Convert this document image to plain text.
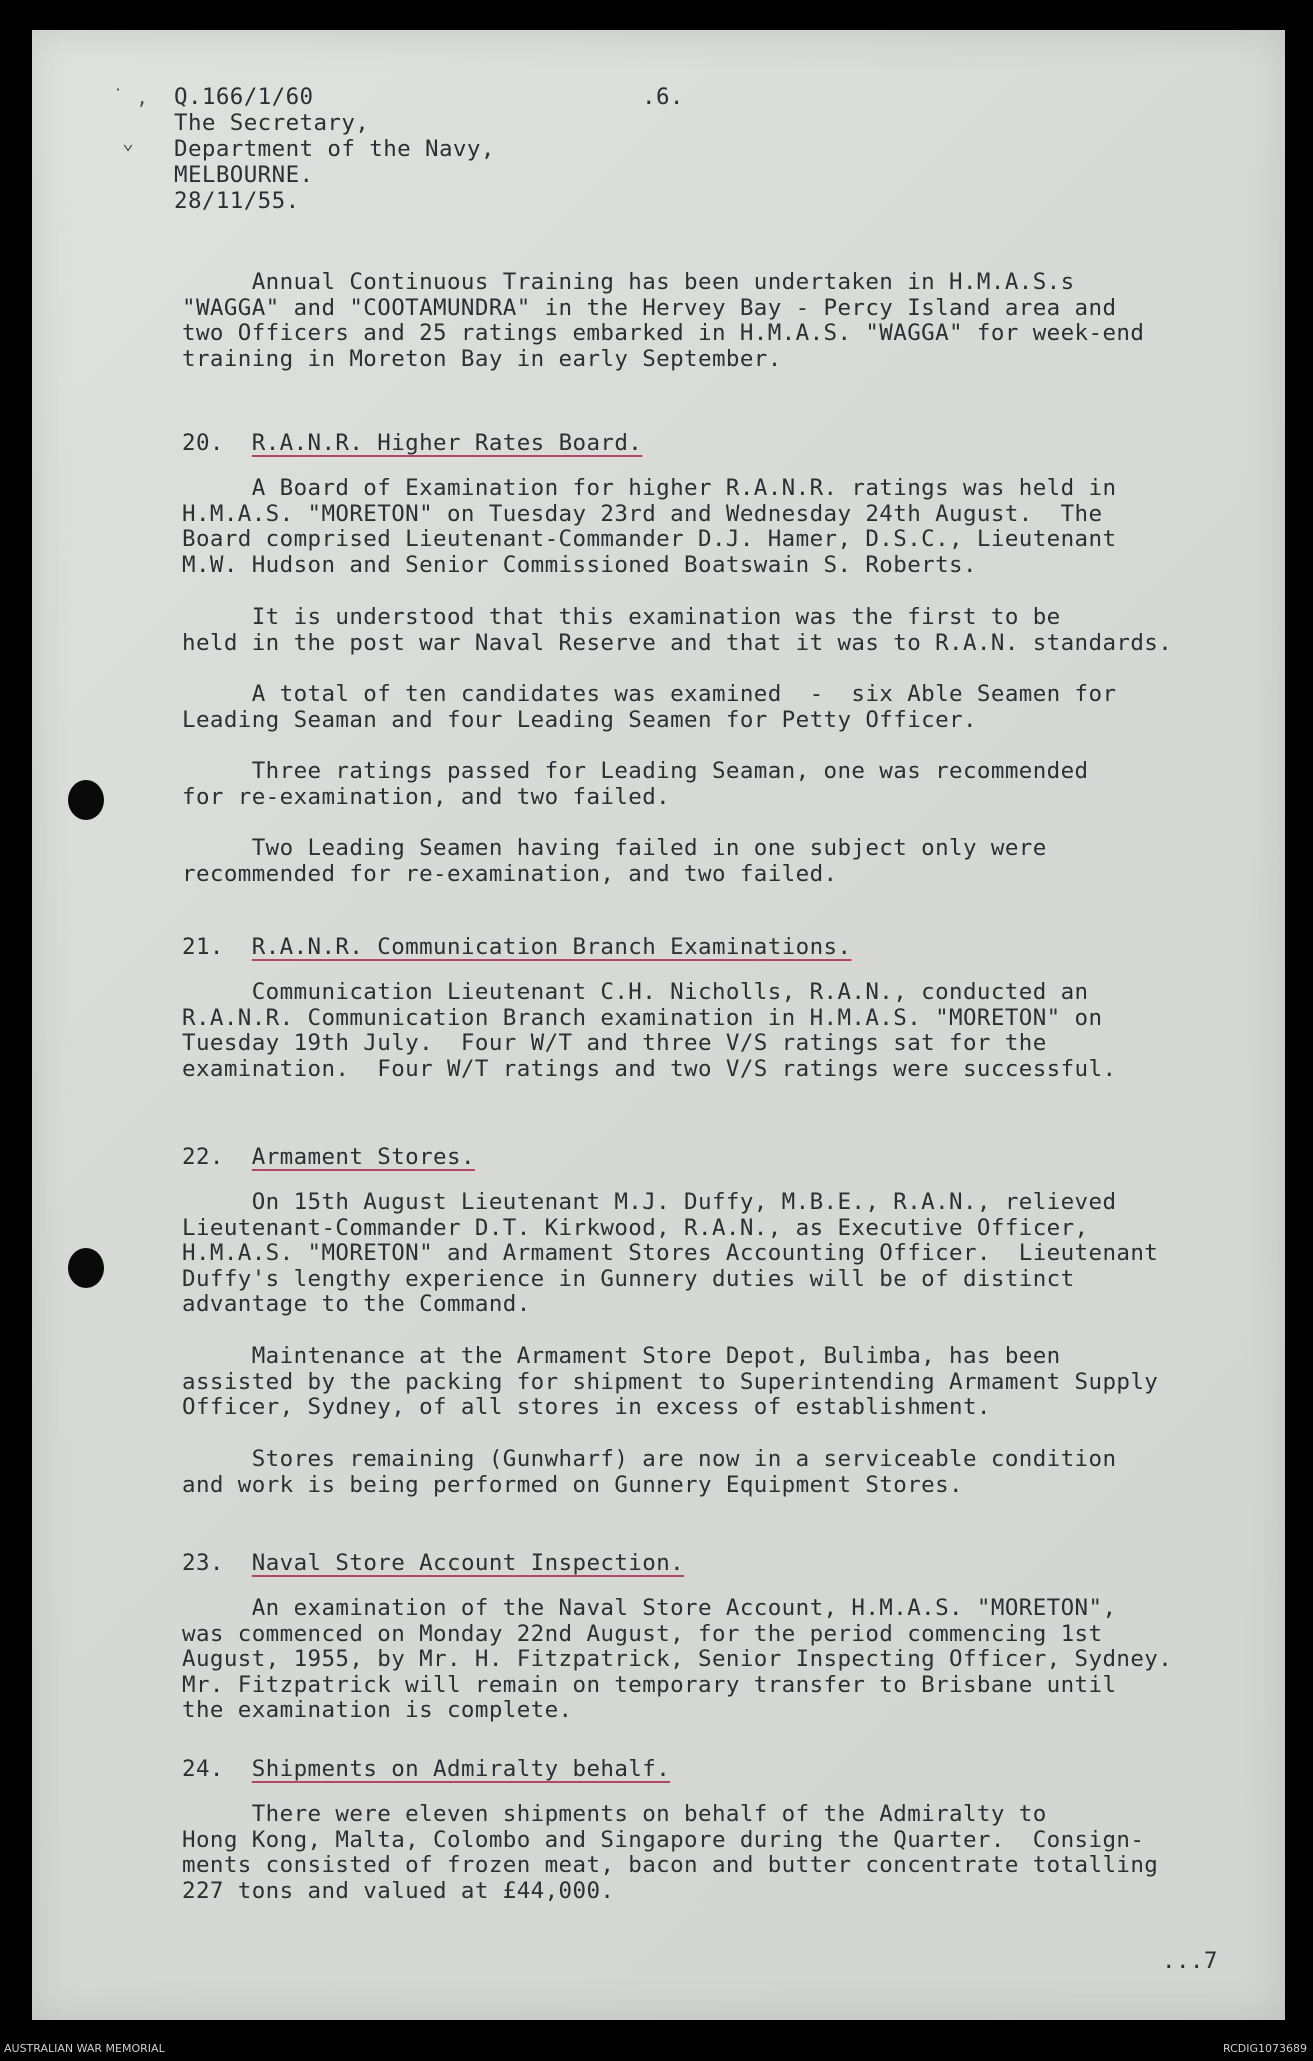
˙ ,
⌄
Q.166/1/60	.6.
The Secretary,
Department of the Navy,
MELBOURNE.
28/11/55.
Annual Continuous Training has been undertaken in H.M.A.S.s
"WAGGA" and "COOTAMUNDRA" in the Hervey Bay - Percy Island area and
two Officers and 25 ratings embarked in H.M.A.S. "WAGGA" for week-end
training in Moreton Bay in early September.
20. R.A.N.R. Higher Rates Board.
A Board of Examination for higher R.A.N.R. ratings was held in
H.M.A.S. "MORETON" on Tuesday 23rd and Wednesday 24th August.  The
Board comprised Lieutenant-Commander D.J. Hamer, D.S.C., Lieutenant
M.W. Hudson and Senior Commissioned Boatswain S. Roberts.
It is understood that this examination was the first to be
held in the post war Naval Reserve and that it was to R.A.N. standards.
A total of ten candidates was examined  -  six Able Seamen for
Leading Seaman and four Leading Seamen for Petty Officer.
Three ratings passed for Leading Seaman, one was recommended
for re-examination, and two failed.
Two Leading Seamen having failed in one subject only were
recommended for re-examination, and two failed.
21. R.A.N.R. Communication Branch Examinations.
Communication Lieutenant C.H. Nicholls, R.A.N., conducted an
R.A.N.R. Communication Branch examination in H.M.A.S. "MORETON" on
Tuesday 19th July.  Four W/T and three V/S ratings sat for the
examination.  Four W/T ratings and two V/S ratings were successful.
22. Armament Stores.
On 15th August Lieutenant M.J. Duffy, M.B.E., R.A.N., relieved
Lieutenant-Commander D.T. Kirkwood, R.A.N., as Executive Officer,
H.M.A.S. "MORETON" and Armament Stores Accounting Officer.  Lieutenant
Duffy's lengthy experience in Gunnery duties will be of distinct
advantage to the Command.
Maintenance at the Armament Store Depot, Bulimba, has been
assisted by the packing for shipment to Superintending Armament Supply
Officer, Sydney, of all stores in excess of establishment.
Stores remaining (Gunwharf) are now in a serviceable condition
and work is being performed on Gunnery Equipment Stores.
23. Naval Store Account Inspection.
An examination of the Naval Store Account, H.M.A.S. "MORETON",
was commenced on Monday 22nd August, for the period commencing 1st
August, 1955, by Mr. H. Fitzpatrick, Senior Inspecting Officer, Sydney.
Mr. Fitzpatrick will remain on temporary transfer to Brisbane until
the examination is complete.
24. Shipments on Admiralty behalf.
There were eleven shipments on behalf of the Admiralty to
Hong Kong, Malta, Colombo and Singapore during the Quarter.  Consign-
ments consisted of frozen meat, bacon and butter concentrate totalling
227 tons and valued at £44,000.
...7
AUSTRALIAN WAR MEMORIAL	RCDIG1073689
